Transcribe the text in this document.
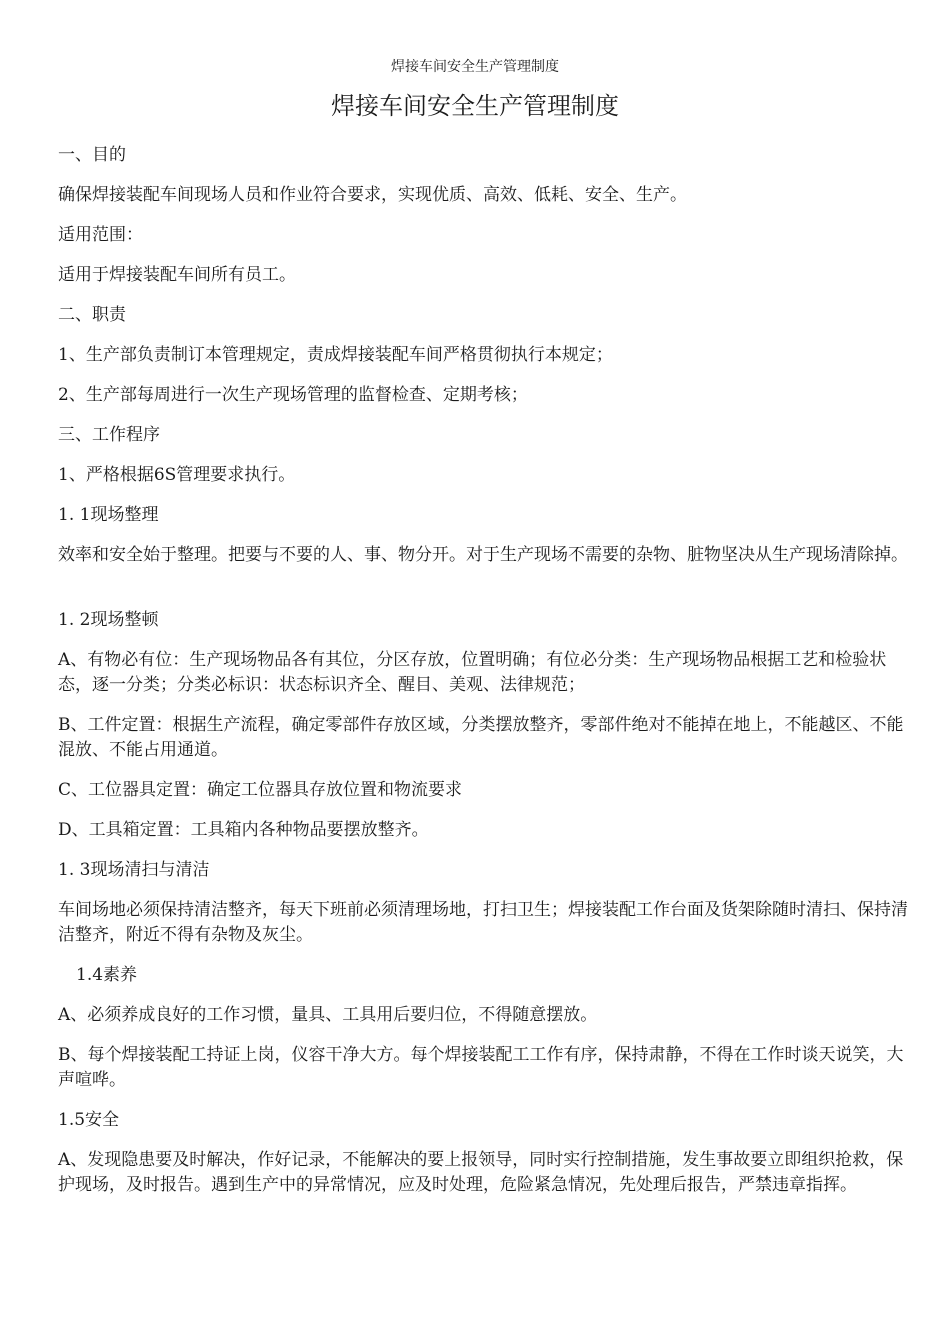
焊接车间安全生产管理制度
焊接车间安全生产管理制度
一、目的
确保焊接装配车间现场人员和作业符合要求，实现优质、高效、低耗、安全、生产。
适用范围：
适用于焊接装配车间所有员工。
二、职责
1、生产部负责制订本管理规定，责成焊接装配车间严格贯彻执行本规定；
2、生产部每周进行一次生产现场管理的监督检查、定期考核；
三、工作程序
1、严格根据6S管理要求执行。
1. 1现场整理
效率和安全始于整理。把要与不要的人、事、物分开。对于生产现场不需要的杂物、脏物坚决从生产现场清除掉。
1. 2现场整顿
A、有物必有位：生产现场物品各有其位，分区存放，位置明确；有位必分类：生产现场物品根据工艺和检验状态，逐一分类；分类必标识：状态标识齐全、醒目、美观、法律规范；
B、工件定置：根据生产流程，确定零部件存放区域，分类摆放整齐，零部件绝对不能掉在地上，不能越区、不能混放、不能占用通道。
C、工位器具定置：确定工位器具存放位置和物流要求
D、工具箱定置：工具箱内各种物品要摆放整齐。
1. 3现场清扫与清洁
车间场地必须保持清洁整齐，每天下班前必须清理场地，打扫卫生；焊接装配工作台面及货架除随时清扫、保持清洁整齐，附近不得有杂物及灰尘。
1.4素养
A、必须养成良好的工作习惯，量具、工具用后要归位，不得随意摆放。
B、每个焊接装配工持证上岗，仪容干净大方。每个焊接装配工工作有序，保持肃静，不得在工作时谈天说笑，大声喧哗。
1.5安全
A、发现隐患要及时解决，作好记录，不能解决的要上报领导，同时实行控制措施，发生事故要立即组织抢救，保护现场，及时报告。遇到生产中的异常情况，应及时处理，危险紧急情况，先处理后报告，严禁违章指挥。
